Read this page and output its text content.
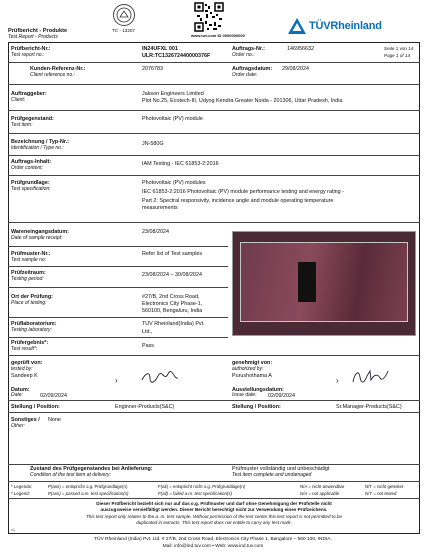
Prüfbericht - Produkte
Test Report - Products
TC - 13207
www.tuv.com ID 0000000000
TÜVRheinland
Prüfbericht-Nr.:
Test report no.:
IN24UFXL 001
ULR:TC132672440000376F
Auftrags-Nr.:
Order no.:
146956632	Seite 1 von 14
Page 1 of 14
Kunden-Referenz-Nr.:
Client reference no.:
2076783	Auftragsdatum:
Order date:
29/08/2024
Auftraggeber:
Client:
Jakson Engineers Limited
Plot No.25, Ecotech-III, Udyog Kendra Greater Noida - 201306, Uttar Pradesh, India
Prüfgegenstand:
Test item:
Photovoltaic (PV) module
Bezeichnung / Typ-Nr.:
Identification / Type no.:
JN-580G
Auftrags-Inhalt:
Order content:
IAM Testing - IEC 61853-2:2016
Prüfgrundlage:
Test specification:
Photovoltaic (PV) modules
IEC 61853-2:2016 Photovoltaic (PV) module performance testing and energy rating -
Part 2: Spectral responsivity, incidence angle and module operating temperature
measurements
Wareneingangsdatum:
Date of sample receipt:
23/08/2024
Prüfmuster-Nr.:
Test sample no:
Refer list of Test samples
Prüfzeitraum:
Testing period:
23/08/2024 – 30/08/2024
Ort der Prüfung:
Place of testing:
#27/B, 2nd Cross Road,
Electronics City Phase-1,
560100, Bengaluru, India
Prüflaboratorium:
Testing laboratory:
TUV Rheinland(India) Pvt.
Ltd.,
Prüfergebnis*:
Test result*:	Pass
geprüft von:
tested by:
Sandeep K	›
genehmigt von:
authorized by:
Purushothama A	›
Datum:
Date:	02/09/2024
Ausstellungsdatum:
Issue date: 02/09/2024
Stellung / Position:	Enginner-Products(S&C)	Stellung / Position:	Sr.Manager-Products(S&C)
Sonstiges /
Other:
None
Zustand des Prüfgegenstandes bei Anlieferung:
Condition of the test item at delivery:
Prüfmuster vollständig und unbeschädigt
Test item complete and undamaged
* Legende:	P(ass) = entspricht o.g. Prüfgrundlage(n)	F(ail) = entspricht nicht o.g. Prüfgrundlage(n)	N/A = nicht anwendbar	N/T = nicht getestet
* Legend:	P(ass) = passed a.m. test specification(s)	F(ail) = failed a.m. test specification(s)	N/A = not applicable	N/T = not tested
Dieser Prüfbericht bezieht sich nur auf das o.g. Prüfmuster und darf ohne Genehmigung der Prüfstelle nicht
auszugsweise vervielfältigt werden. Dieser Bericht berechtigt nicht zur Verwendung eines Prüfzeichens.
This test report only relates to the a. m. test sample. Without permission of the test center this test report is not permitted to be
duplicated in extracts. This test report does not entitle to carry any test mark.
v1
TÜV Rheinland (India) Pvt. Ltd. # 27/B, 2nd Cross Road, Electronics City Phase 1, Bangalore – 560 100, INDIA.
Mail: info@ind.tuv.com • Web: www.ind.tuv.com
